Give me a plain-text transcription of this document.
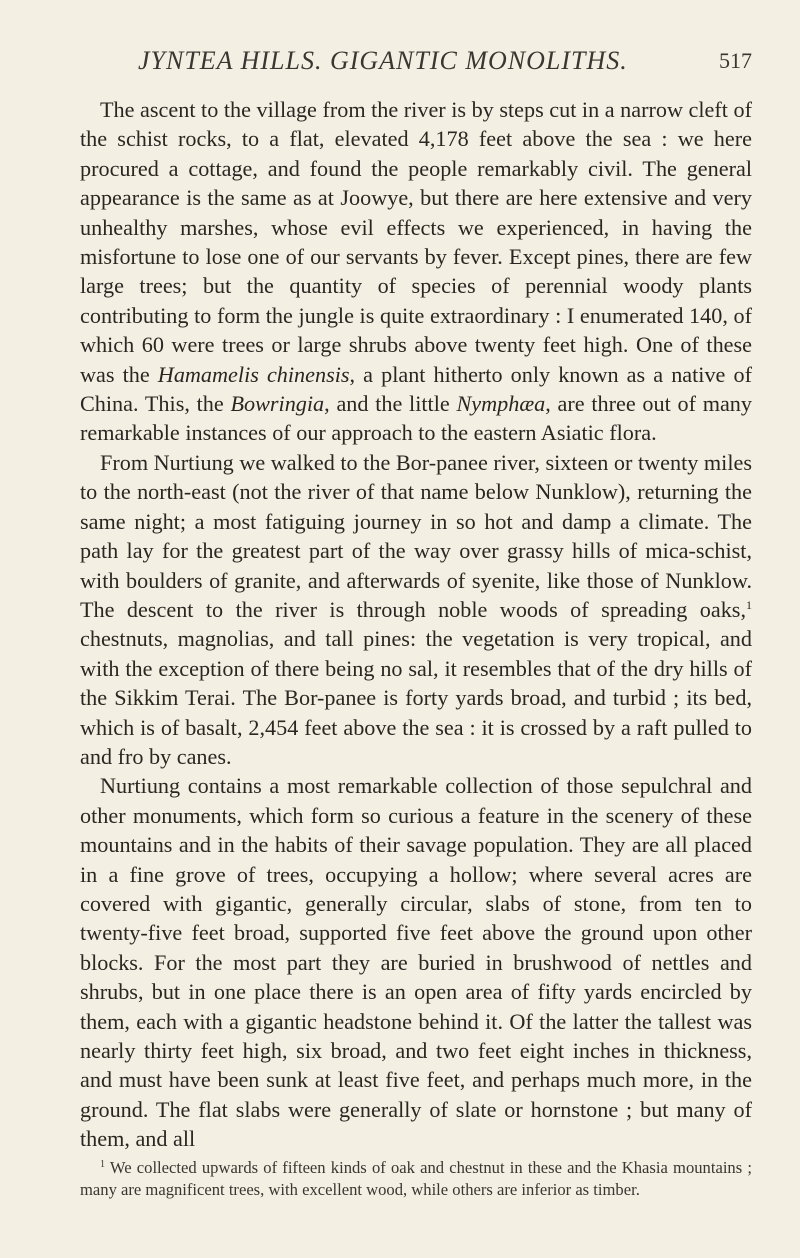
JYNTEA HILLS. GIGANTIC MONOLITHS.	517

The ascent to the village from the river is by steps cut in a narrow cleft of the schist rocks, to a flat, elevated 4,178 feet above the sea : we here procured a cottage, and found the people remarkably civil. The general appearance is the same as at Joowye, but there are here extensive and very unhealthy marshes, whose evil effects we experienced, in having the misfortune to lose one of our servants by fever. Except pines, there are few large trees; but the quantity of species of perennial woody plants contributing to form the jungle is quite extraordinary : I enumerated 140, of which 60 were trees or large shrubs above twenty feet high. One of these was the Hamamelis chinensis, a plant hitherto only known as a native of China. This, the Bowringia, and the little Nymphæa, are three out of many remarkable instances of our approach to the eastern Asiatic flora.

From Nurtiung we walked to the Bor-panee river, sixteen or twenty miles to the north-east (not the river of that name below Nunklow), returning the same night; a most fatiguing journey in so hot and damp a climate. The path lay for the greatest part of the way over grassy hills of mica-schist, with boulders of granite, and afterwards of syenite, like those of Nunklow. The descent to the river is through noble woods of spreading oaks,$^1$ chestnuts, magnolias, and tall pines: the vegetation is very tropical, and with the exception of there being no sal, it resembles that of the dry hills of the Sikkim Terai. The Bor-panee is forty yards broad, and turbid ; its bed, which is of basalt, 2,454 feet above the sea : it is crossed by a raft pulled to and fro by canes.

Nurtiung contains a most remarkable collection of those sepulchral and other monuments, which form so curious a feature in the scenery of these mountains and in the habits of their savage population. They are all placed in a fine grove of trees, occupying a hollow; where several acres are covered with gigantic, generally circular, slabs of stone, from ten to twenty-five feet broad, supported five feet above the ground upon other blocks. For the most part they are buried in brushwood of nettles and shrubs, but in one place there is an open area of fifty yards encircled by them, each with a gigantic headstone behind it. Of the latter the tallest was nearly thirty feet high, six broad, and two feet eight inches in thickness, and must have been sunk at least five feet, and perhaps much more, in the ground. The flat slabs were generally of slate or hornstone ; but many of them, and all

$^1$ We collected upwards of fifteen kinds of oak and chestnut in these and the Khasia mountains ; many are magnificent trees, with excellent wood, while others are inferior as timber.
